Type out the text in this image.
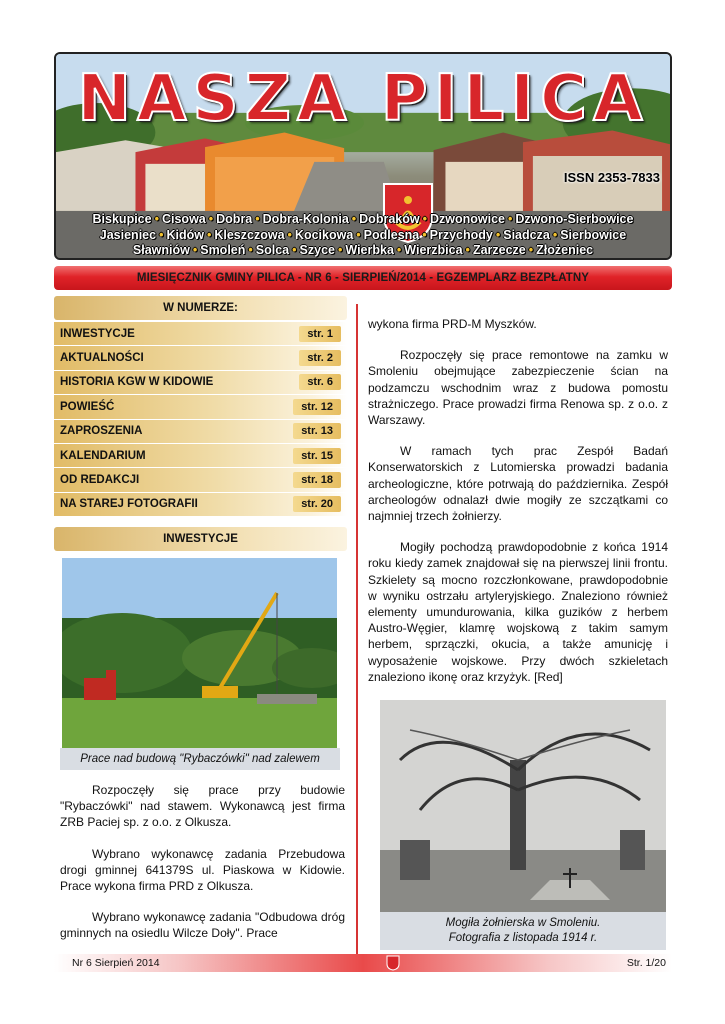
NASZA PILICA
ISSN 2353-7833
Biskupice • Cisowa • Dobra • Dobra-Kolonia • Dobraków • Dzwonowice • Dzwono-Sierbowice
Jasieniec • Kidów • Kleszczowa • Kocikowa • Podlesna • Przychody • Siadcza • Sierbowice
Sławniów • Smoleń • Solca • Szyce • Wierbka • Wierzbica • Zarzecze • Złożeniec
MIESIĘCZNIK GMINY PILICA - NR 6 - SIERPIEŃ/2014 - EGZEMPLARZ BEZPŁATNY
W NUMERZE:
INWESTYCJE	str. 1
AKTUALNOŚCI	str. 2
HISTORIA KGW W KIDOWIE	str. 6
POWIEŚĆ	str. 12
ZAPROSZENIA	str. 13
KALENDARIUM	str. 15
OD REDAKCJI	str. 18
NA STAREJ FOTOGRAFII	str. 20
INWESTYCJE
Prace nad budową "Rybaczówki" nad zalewem

Rozpoczęły się prace przy budowie "Rybaczówki" nad stawem. Wykonawcą jest firma ZRB Paciej sp. z o.o. z Olkusza.

Wybrano wykonawcę zadania Przebudowa drogi gminnej 641379S ul. Piaskowa w Kidowie. Prace wykona firma PRD z Olkusza.

Wybrano wykonawcę zadania "Odbudowa dróg gminnych na osiedlu Wilcze Doły". Prace

wykona firma PRD-M Myszków.

Rozpoczęły się prace remontowe na zamku w Smoleniu obejmujące zabezpieczenie ścian na podzamczu wschodnim wraz z budowa pomostu strażniczego. Prace prowadzi firma Renowa sp. z o.o. z Warszawy.

W ramach tych prac Zespół Badań Konserwatorskich z Lutomierska prowadzi badania archeologiczne, które potrwają do października. Zespół archeologów odnalazł dwie mogiły ze szczątkami co najmniej trzech żołnierzy.

Mogiły pochodzą prawdopodobnie z końca 1914 roku kiedy zamek znajdował się na pierwszej linii frontu. Szkielety są mocno rozczłonkowane, prawdopodobnie w wyniku ostrzału artyleryjskiego. Znaleziono również elementy umundurowania, kilka guzików z herbem Austro-Węgier, klamrę wojskową z takim samym herbem, sprzączki, okucia, a także amunicję i wyposażenie wojskowe. Przy dwóch szkieletach znaleziono ikonę oraz krzyżyk. [Red]

Mogiła żołnierska w Smoleniu.
Fotografia z listopada 1914 r.
Nr 6 Sierpień 2014	Str. 1/20
